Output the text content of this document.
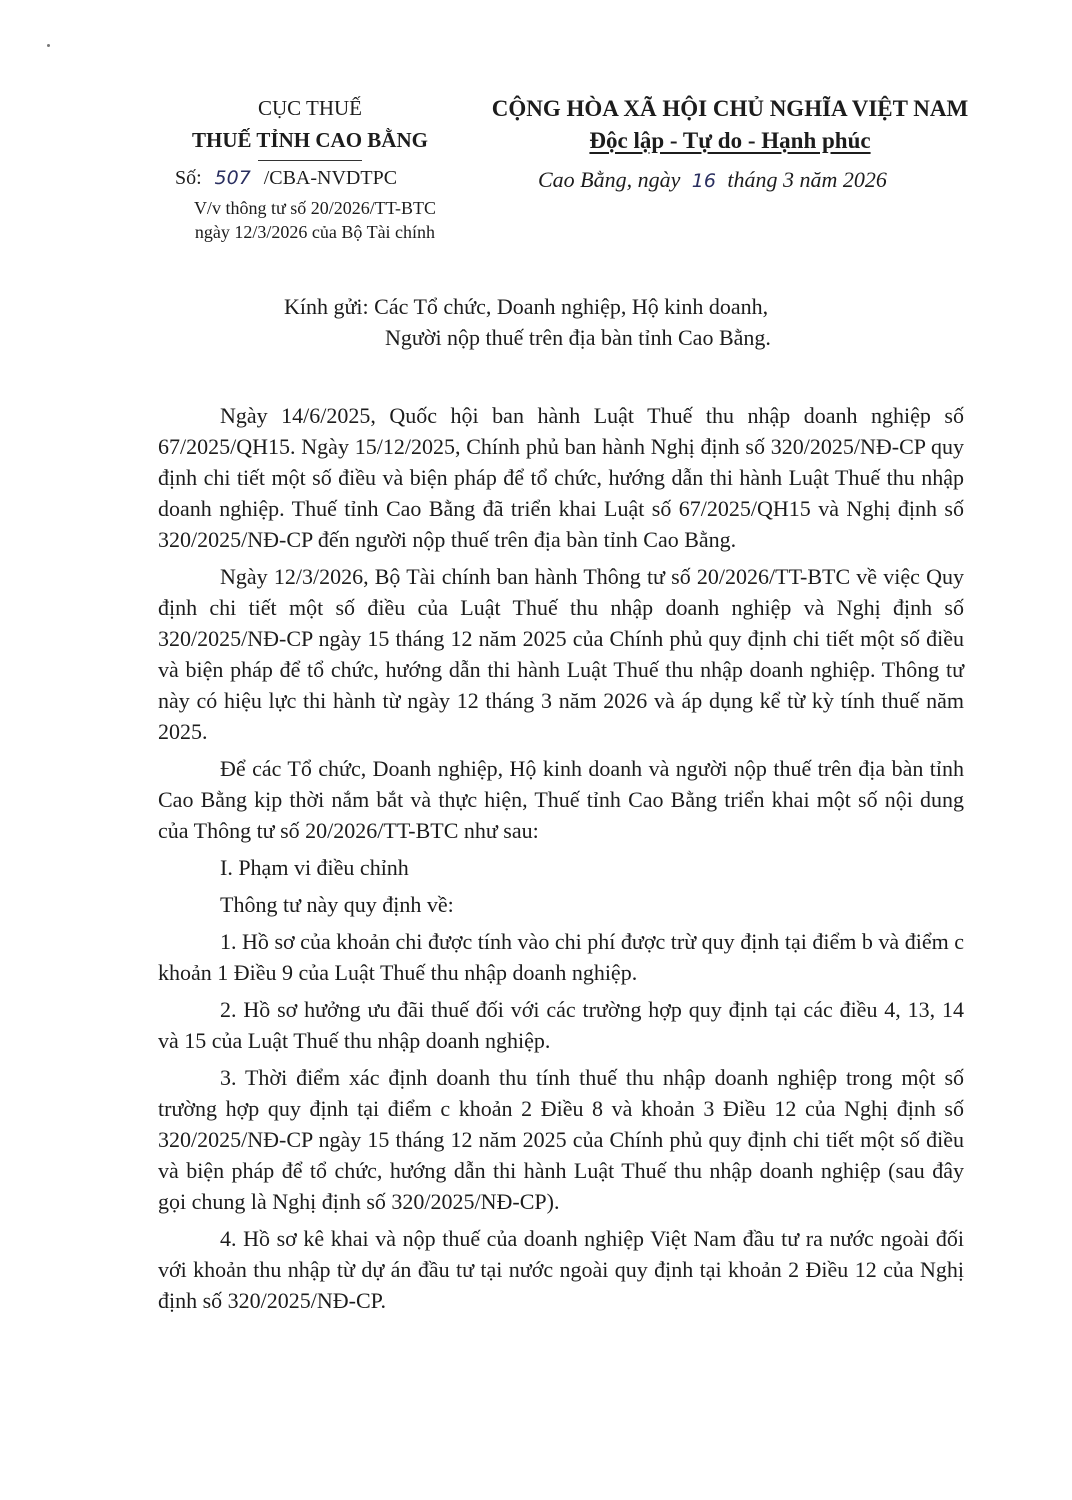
CỤC THUẾ
THUẾ TỈNH CAO BẰNG
Số: 507 /CBA-NVDTPC
V/v thông tư số 20/2026/TT-BTC
ngày 12/3/2026 của Bộ Tài chính
CỘNG HÒA XÃ HỘI CHỦ NGHĨA VIỆT NAM
Độc lập - Tự do - Hạnh phúc
Cao Bằng, ngày 16 tháng 3 năm 2026
Kính gửi: Các Tổ chức, Doanh nghiệp, Hộ kinh doanh,
Người nộp thuế trên địa bàn tỉnh Cao Bằng.

Ngày 14/6/2025, Quốc hội ban hành Luật Thuế thu nhập doanh nghiệp số 67/2025/QH15. Ngày 15/12/2025, Chính phủ ban hành Nghị định số 320/2025/NĐ-CP quy định chi tiết một số điều và biện pháp để tổ chức, hướng dẫn thi hành Luật Thuế thu nhập doanh nghiệp. Thuế tỉnh Cao Bằng đã triển khai Luật số 67/2025/QH15 và Nghị định số 320/2025/NĐ-CP đến người nộp thuế trên địa bàn tỉnh Cao Bằng.

Ngày 12/3/2026, Bộ Tài chính ban hành Thông tư số 20/2026/TT-BTC về việc Quy định chi tiết một số điều của Luật Thuế thu nhập doanh nghiệp và Nghị định số 320/2025/NĐ-CP ngày 15 tháng 12 năm 2025 của Chính phủ quy định chi tiết một số điều và biện pháp để tổ chức, hướng dẫn thi hành Luật Thuế thu nhập doanh nghiệp. Thông tư này có hiệu lực thi hành từ ngày 12 tháng 3 năm 2026 và áp dụng kể từ kỳ tính thuế năm 2025.

Để các Tổ chức, Doanh nghiệp, Hộ kinh doanh và người nộp thuế trên địa bàn tỉnh Cao Bằng kịp thời nắm bắt và thực hiện, Thuế tỉnh Cao Bằng triển khai một số nội dung của Thông tư số 20/2026/TT-BTC như sau:

I. Phạm vi điều chỉnh

Thông tư này quy định về:

1. Hồ sơ của khoản chi được tính vào chi phí được trừ quy định tại điểm b và điểm c khoản 1 Điều 9 của Luật Thuế thu nhập doanh nghiệp.

2. Hồ sơ hưởng ưu đãi thuế đối với các trường hợp quy định tại các điều 4, 13, 14 và 15 của Luật Thuế thu nhập doanh nghiệp.

3. Thời điểm xác định doanh thu tính thuế thu nhập doanh nghiệp trong một số trường hợp quy định tại điểm c khoản 2 Điều 8 và khoản 3 Điều 12 của Nghị định số 320/2025/NĐ-CP ngày 15 tháng 12 năm 2025 của Chính phủ quy định chi tiết một số điều và biện pháp để tổ chức, hướng dẫn thi hành Luật Thuế thu nhập doanh nghiệp (sau đây gọi chung là Nghị định số 320/2025/NĐ-CP).

4. Hồ sơ kê khai và nộp thuế của doanh nghiệp Việt Nam đầu tư ra nước ngoài đối với khoản thu nhập từ dự án đầu tư tại nước ngoài quy định tại khoản 2 Điều 12 của Nghị định số 320/2025/NĐ-CP.
